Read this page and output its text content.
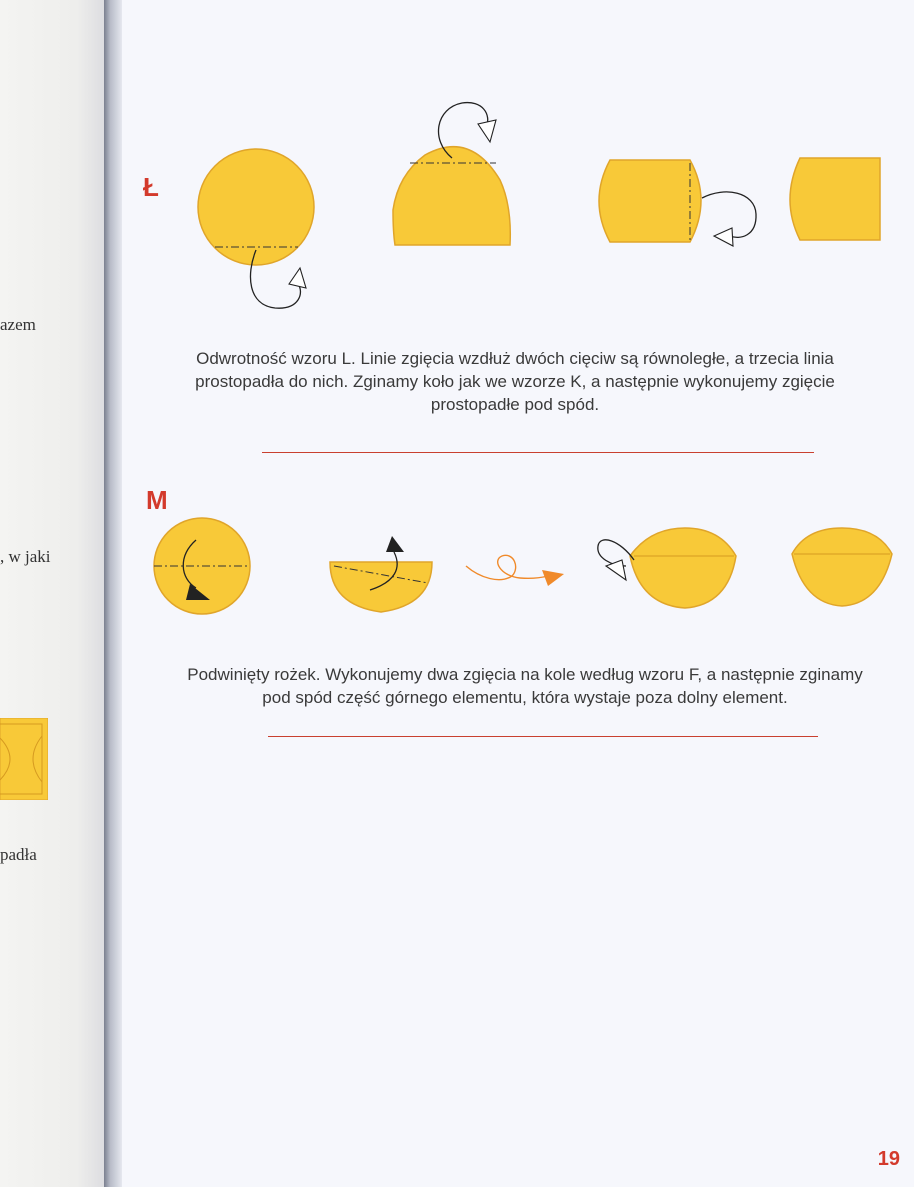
azem
, w jaki
padła
Ł
Odwrotność wzoru L. Linie zgięcia wzdłuż dwóch cięciw są równoległe, a trzecia linia
prostopadła do nich. Zginamy koło jak we wzorze K, a następnie wykonujemy zgięcie
prostopadłe pod spód.
M
Podwinięty rożek. Wykonujemy dwa zgięcia na kole według wzoru F, a następnie zginamy
pod spód część górnego elementu, która wystaje poza dolny element.
19
